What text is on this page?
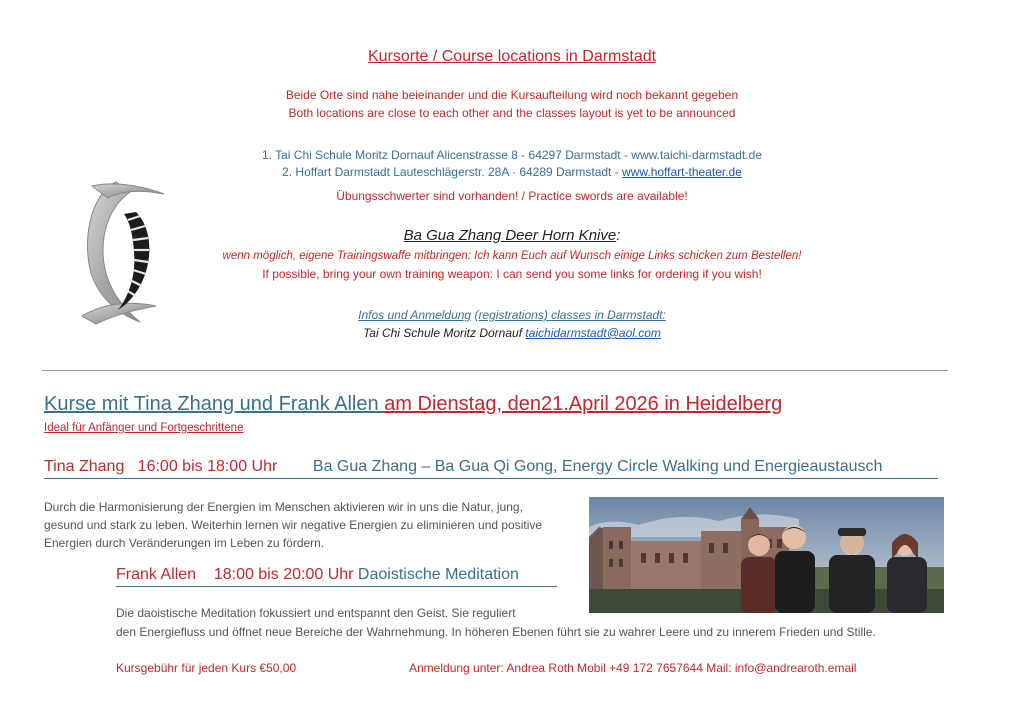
Kursorte / Course locations in Darmstadt
Beide Orte sind nahe beieinander und die Kursaufteilung wird noch bekannt gegeben
Both locations are close to each other and the classes layout is yet to be announced
1. Tai Chi Schule Moritz Dornauf Alicenstrasse 8 - 64297 Darmstadt - www.taichi-darmstadt.de
2. Hoffart Darmstadt Lauteschlägerstr. 28A · 64289 Darmstadt - www.hoffart-theater.de
Übungsschwerter sind vorhanden! / Practice swords are available!
Ba Gua Zhang Deer Horn Knive:
wenn möglich, eigene Trainingswaffe mitbringen: Ich kann Euch auf Wunsch einige Links schicken zum Bestellen!
If possible, bring your own training weapon: I can send you some links for ordering if you wish!
Infos und Anmeldung (registrations) classes in Darmstadt:
Tai Chi Schule Moritz Dornauf taichidarmstadt@aol.com
Kurse mit Tina Zhang und Frank Allen am Dienstag, den21.April 2026 in Heidelberg
Ideal für Anfänger und Fortgeschrittene
Tina Zhang   16:00 bis 18:00 Uhr        Ba Gua Zhang – Ba Gua Qi Gong, Energy Circle Walking und Energieaustausch
Durch die Harmonisierung der Energien im Menschen aktivieren wir in uns die Natur, jung, gesund und stark zu leben. Weiterhin lernen wir negative Energien zu eliminieren und positive Energien durch Veränderungen im Leben zu fördern.
Frank Allen    18:00 bis 20:00 Uhr Daoistische Meditation
Die daoistische Meditation fokussiert und entspannt den Geist. Sie reguliert
den Energiefluss und öffnet neue Bereiche der Wahrnehmung. In höheren Ebenen führt sie zu wahrer Leere und zu innerem Frieden und Stille.
Kursgebühr für jeden Kurs €50,00	Anmeldung unter: Andrea Roth Mobil +49 172 7657644 Mail: info@andrearoth.email
